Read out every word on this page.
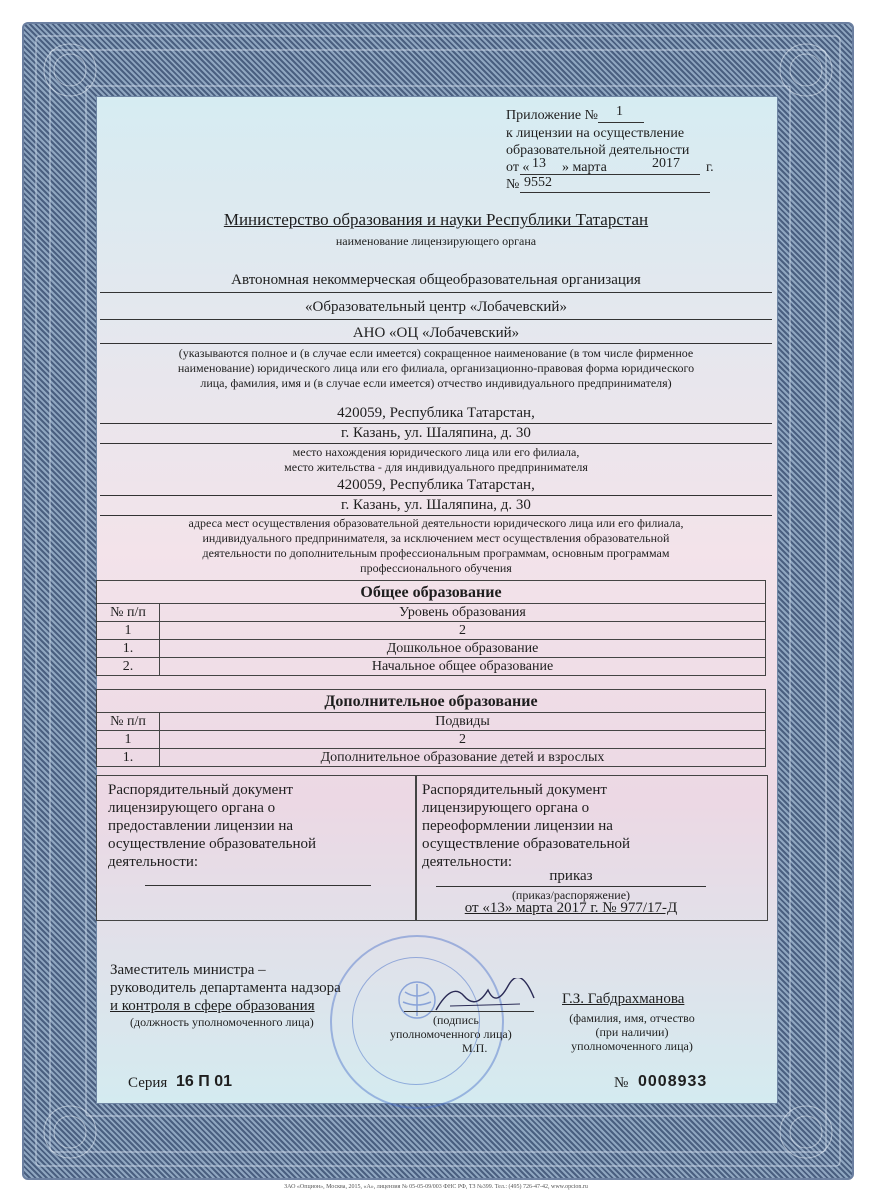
Приложение № 1
к лицензии на осуществление
образовательной деятельности
от « 13 » марта	2017 г.
№ 9552
Министерство образования и науки Республики Татарстан
наименование лицензирующего органа
Автономная некоммерческая общеобразовательная организация
«Образовательный центр «Лобачевский»
АНО «ОЦ «Лобачевский»
(указываются полное и (в случае если имеется) сокращенное наименование (в том числе фирменное
наименование) юридического лица или его филиала, организационно-правовая форма юридического
лица, фамилия, имя и (в случае если имеется) отчество индивидуального предпринимателя)
420059, Республика Татарстан,
г. Казань, ул. Шаляпина, д. 30
место нахождения юридического лица или его филиала,
место жительства - для индивидуального предпринимателя
420059, Республика Татарстан,
г. Казань, ул. Шаляпина, д. 30
адреса мест осуществления образовательной деятельности юридического лица или его филиала,
индивидуального предпринимателя, за исключением мест осуществления образовательной
деятельности по дополнительным профессиональным программам, основным программам
профессионального обучения
Общее образование	
№ п/п	Уровень образования
1	2
1.	Дошкольное образование
2.	Начальное общее образование
Дополнительное образование	
№ п/п	Подвиды
1	2
1.	Дополнительное образование детей и взрослых
Распорядительный документ
лицензирующего органа о
предоставлении лицензии на
осуществление образовательной
деятельности:
Распорядительный документ
лицензирующего органа о
переоформлении лицензии на
осуществление образовательной
деятельности:
приказ
(приказ/распоряжение)
от «13» марта 2017 г. № 977/17-Д
Заместитель министра –
руководитель департамента надзора
и контроля в сфере образования
(должность уполномоченного лица)	(подпись
уполномоченного лица)
М.П.
Г.З. Габдрахманова
(фамилия, имя, отчество
(при наличии)
уполномоченного лица)
Серия 16 П 01	№ 0008933
ЗАО «Опцион», Москва, 2015, «А», лицензия № 05-05-09/003 ФНС РФ, ТЗ №399. Тел.: (495) 726-47-42, www.opcion.ru
